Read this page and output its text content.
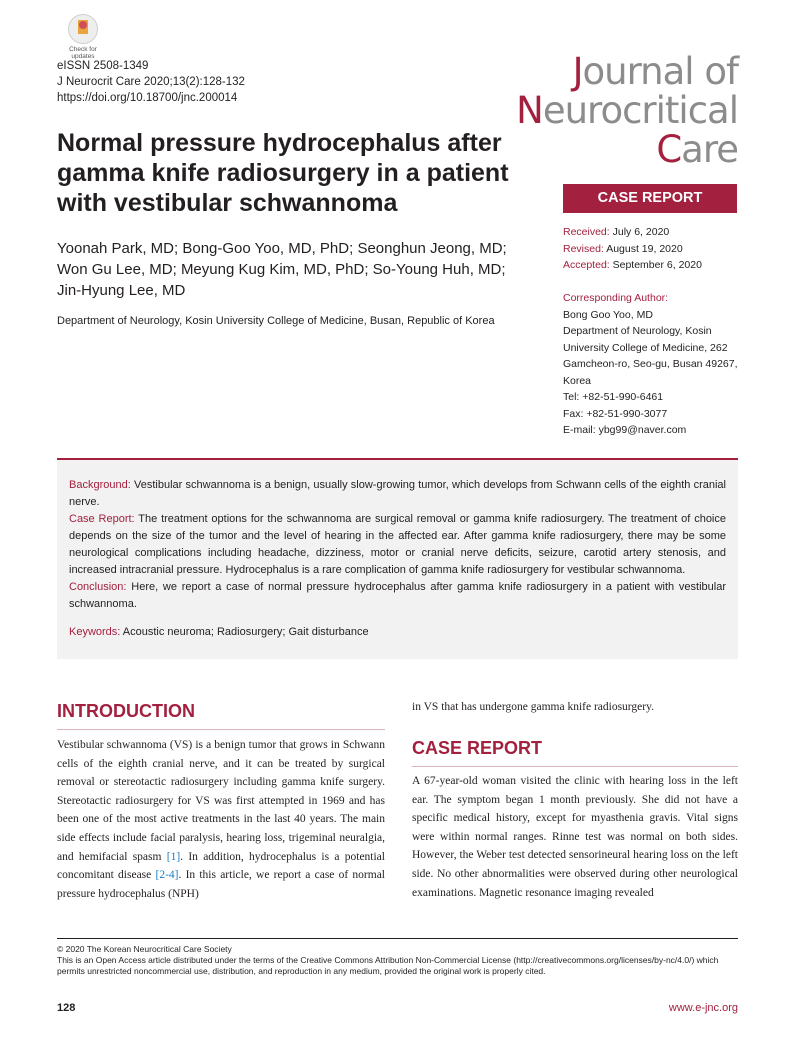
Check for
updates
eISSN 2508-1349
J Neurocrit Care 2020;13(2):128-132
https://doi.org/10.18700/jnc.200014
Journal of
Neurocritical
Care
Normal pressure hydrocephalus after gamma knife radiosurgery in a patient with vestibular schwannoma
Yoonah Park, MD; Bong-Goo Yoo, MD, PhD; Seonghun Jeong, MD; Won Gu Lee, MD; Meyung Kug Kim, MD, PhD; So-Young Huh, MD; Jin-Hyung Lee, MD
Department of Neurology, Kosin University College of Medicine, Busan, Republic of Korea
CASE REPORT
Received: July 6, 2020
Revised: August 19, 2020
Accepted: September 6, 2020
Corresponding Author:
Bong Goo Yoo, MD
Department of Neurology, Kosin University College of Medicine, 262 Gamcheon-ro, Seo-gu, Busan 49267, Korea
Tel: +82-51-990-6461
Fax: +82-51-990-3077
E-mail: ybg99@naver.com

Background: Vestibular schwannoma is a benign, usually slow-growing tumor, which develops from Schwann cells of the eighth cranial nerve.

Case Report: The treatment options for the schwannoma are surgical removal or gamma knife radiosurgery. The treatment of choice depends on the size of the tumor and the level of hearing in the affected ear. After gamma knife radiosurgery, there may be some neurological complications including headache, dizziness, motor or cranial nerve deficits, seizure, carotid artery stenosis, and increased intracranial pressure. Hydrocephalus is a rare complication of gamma knife radiosurgery for vestibular schwannoma.

Conclusion: Here, we report a case of normal pressure hydrocephalus after gamma knife radiosurgery in a patient with vestibular schwannoma.

Keywords: Acoustic neuroma; Radiosurgery; Gait disturbance

INTRODUCTION
Vestibular schwannoma (VS) is a benign tumor that grows in Schwann cells of the eighth cranial nerve, and it can be treated by surgical removal or stereotactic radiosurgery including gamma knife surgery. Stereotactic radiosurgery for VS was first attempted in 1969 and has been one of the most active treatments in the last 40 years. The main side effects include facial paralysis, hearing loss, trigeminal neuralgia, and hemifacial spasm [1]. In addition, hydrocephalus is a potential concomitant disease [2-4]. In this article, we report a case of normal pressure hydrocephalus (NPH)
in VS that has undergone gamma knife radiosurgery.
CASE REPORT
A 67-year-old woman visited the clinic with hearing loss in the left ear. The symptom began 1 month previously. She did not have a specific medical history, except for myasthenia gravis. Vital signs were within normal ranges. Rinne test was normal on both sides. However, the Weber test detected sensorineural hearing loss on the left side. No other abnormalities were observed during other neurological examinations. Magnetic resonance imaging revealed
© 2020 The Korean Neurocritical Care Society
This is an Open Access article distributed under the terms of the Creative Commons Attribution Non-Commercial License (http://creativecommons.org/licenses/by-nc/4.0/) which permits unrestricted noncommercial use, distribution, and reproduction in any medium, provided the original work is properly cited.
128	www.e-jnc.org
